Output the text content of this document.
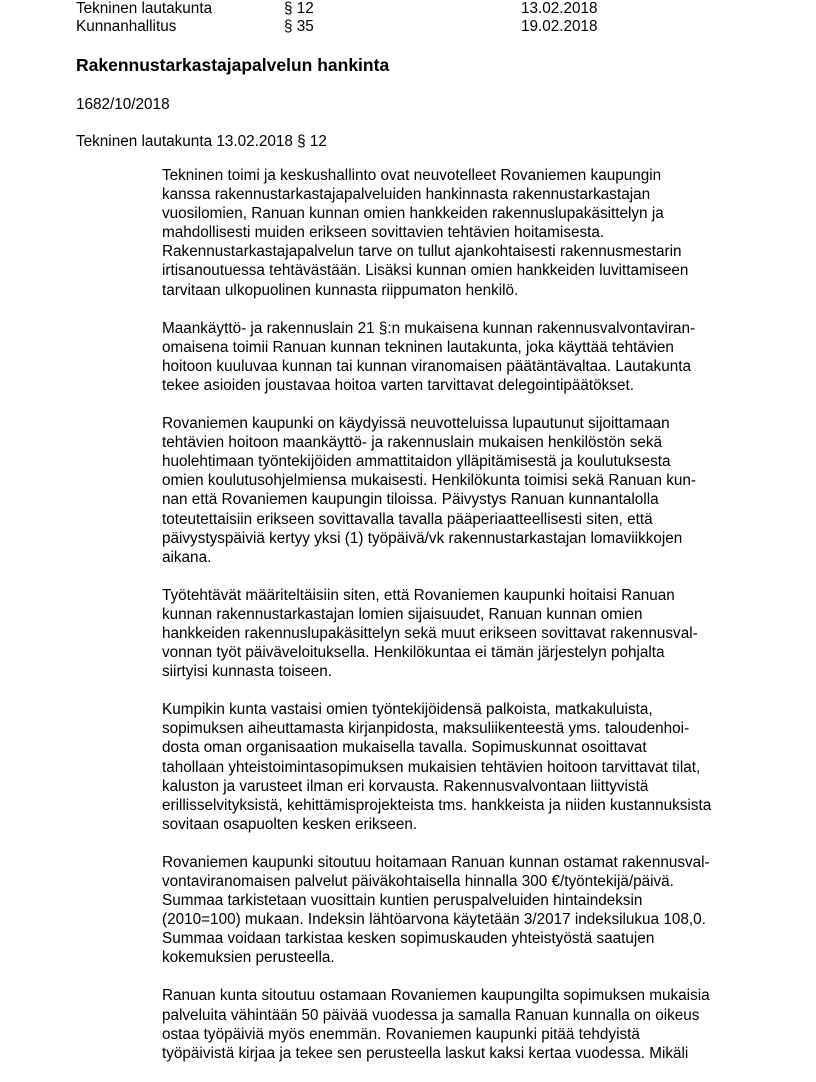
Tekninen lautakunta	§ 12	13.02.2018
Kunnanhallitus	§ 35	19.02.2018
Rakennustarkastajapalvelun hankinta
1682/10/2018
Tekninen lautakunta 13.02.2018 § 12
Tekninen toimi ja keskushallinto ovat neuvotelleet Rovaniemen kaupungin
kanssa rakennustarkastajapalveluiden hankinnasta rakennustarkastajan
vuosilomien, Ranuan kunnan omien hankkeiden rakennuslupakäsittelyn ja
mahdollisesti muiden erikseen sovittavien tehtävien hoitamisesta.
Rakennustarkastajapalvelun tarve on tullut ajankohtaisesti rakennusmestarin
irtisanoutuessa tehtävästään. Lisäksi kunnan omien hankkeiden luvittamiseen
tarvitaan ulkopuolinen kunnasta riippumaton henkilö.
Maankäyttö- ja rakennuslain 21 §:n mukaisena kunnan rakennusvalvontaviran-
omaisena toimii Ranuan kunnan tekninen lautakunta, joka käyttää tehtävien
hoitoon kuuluvaa kunnan tai kunnan viranomaisen päätäntävaltaa. Lautakunta
tekee asioiden joustavaa hoitoa varten tarvittavat delegointipäätökset.
Rovaniemen kaupunki on käydyissä neuvotteluissa lupautunut sijoittamaan
tehtävien hoitoon maankäyttö- ja rakennuslain mukaisen henkilöstön sekä
huolehtimaan työntekijöiden ammattitaidon ylläpitämisestä ja koulutuksesta
omien koulutusohjelmiensa mukaisesti. Henkilökunta toimisi sekä Ranuan kun-
nan että Rovaniemen kaupungin tiloissa. Päivystys Ranuan kunnantalolla
toteutettaisiin erikseen sovittavalla tavalla pääperiaatteellisesti siten, että
päivystyspäiviä kertyy yksi (1) työpäivä/vk rakennustarkastajan lomaviikkojen
aikana.
Työtehtävät määriteltäisiin siten, että Rovaniemen kaupunki hoitaisi Ranuan
kunnan rakennustarkastajan lomien sijaisuudet, Ranuan kunnan omien
hankkeiden rakennuslupakäsittelyn sekä muut erikseen sovittavat rakennusval-
vonnan työt päiväveloituksella. Henkilökuntaa ei tämän järjestelyn pohjalta
siirtyisi kunnasta toiseen.
Kumpikin kunta vastaisi omien työntekijöidensä palkoista, matkakuluista,
sopimuksen aiheuttamasta kirjanpidosta, maksuliikenteestä yms. taloudenhoi-
dosta oman organisaation mukaisella tavalla. Sopimuskunnat osoittavat
tahollaan yhteistoimintasopimuksen mukaisien tehtävien hoitoon tarvittavat tilat,
kaluston ja varusteet ilman eri korvausta. Rakennusvalvontaan liittyvistä
erillisselvityksistä, kehittämisprojekteista tms. hankkeista ja niiden kustannuksista
sovitaan osapuolten kesken erikseen.
Rovaniemen kaupunki sitoutuu hoitamaan Ranuan kunnan ostamat rakennusval-
vontaviranomaisen palvelut päiväkohtaisella hinnalla 300 €/työntekijä/päivä.
Summaa tarkistetaan vuosittain kuntien peruspalveluiden hintaindeksin
(2010=100) mukaan. Indeksin lähtöarvona käytetään 3/2017 indeksilukua 108,0.
Summaa voidaan tarkistaa kesken sopimuskauden yhteistyöstä saatujen
kokemuksien perusteella.
Ranuan kunta sitoutuu ostamaan Rovaniemen kaupungilta sopimuksen mukaisia
palveluita vähintään 50 päivää vuodessa ja samalla Ranuan kunnalla on oikeus
ostaa työpäiviä myös enemmän. Rovaniemen kaupunki pitää tehdyistä
työpäivistä kirjaa ja tekee sen perusteella laskut kaksi kertaa vuodessa. Mikäli
